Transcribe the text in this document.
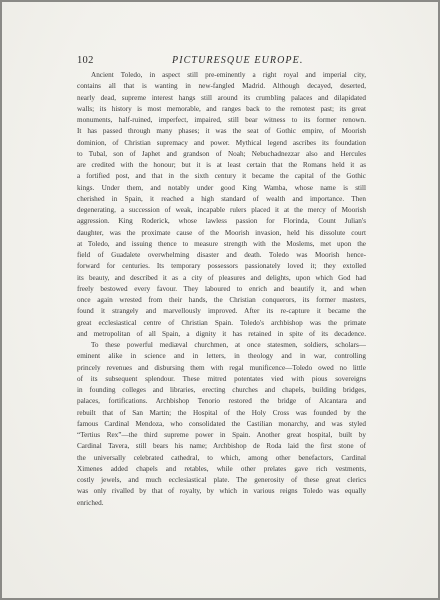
102	PICTURESQUE EUROPE.
Ancient Toledo, in aspect still pre-eminently a right royal and imperial city,
contains all that is wanting in new-fangled Madrid. Although decayed, deserted,
nearly dead, supreme interest hangs still around its crumbling palaces and dilapidated
walls; its history is most memorable, and ranges back to the remotest past; its great
monuments, half-ruined, imperfect, impaired, still bear witness to its former renown.
It has passed through many phases; it was the seat of Gothic empire, of Moorish
dominion, of Christian supremacy and power. Mythical legend ascribes its foundation
to Tubal, son of Japhet and grandson of Noah; Nebuchadnezzar also and Hercules
are credited with the honour; but it is at least certain that the Romans held it as
a fortified post, and that in the sixth century it became the capital of the Gothic
kings. Under them, and notably under good King Wamba, whose name is still
cherished in Spain, it reached a high standard of wealth and importance. Then
degenerating, a succession of weak, incapable rulers placed it at the mercy of Moorish
aggression. King Roderick, whose lawless passion for Florinda, Count Julian's
daughter, was the proximate cause of the Moorish invasion, held his dissolute court
at Toledo, and issuing thence to measure strength with the Moslems, met upon the
field of Guadalete overwhelming disaster and death. Toledo was Moorish hence-
forward for centuries. Its temporary possessors passionately loved it; they extolled
its beauty, and described it as a city of pleasures and delights, upon which God had
freely bestowed every favour. They laboured to enrich and beautify it, and when
once again wrested from their hands, the Christian conquerors, its former masters,
found it strangely and marvellously improved. After its re-capture it became the
great ecclesiastical centre of Christian Spain. Toledo's archbishop was the primate
and metropolitan of all Spain, a dignity it has retained in spite of its decadence.
To these powerful mediæval churchmen, at once statesmen, soldiers, scholars—
eminent alike in science and in letters, in theology and in war, controlling
princely revenues and disbursing them with regal munificence—Toledo owed no little
of its subsequent splendour. These mitred potentates vied with pious sovereigns
in founding colleges and libraries, erecting churches and chapels, building bridges,
palaces, fortifications. Archbishop Tenorio restored the bridge of Alcantara and
rebuilt that of San Martin; the Hospital of the Holy Cross was founded by the
famous Cardinal Mendoza, who consolidated the Castilian monarchy, and was styled
“Tertius Rex”—the third supreme power in Spain. Another great hospital, built by
Cardinal Tavera, still bears his name; Archbishop de Roda laid the first stone of
the universally celebrated cathedral, to which, among other benefactors, Cardinal
Ximenes added chapels and retables, while other prelates gave rich vestments,
costly jewels, and much ecclesiastical plate. The generosity of these great clerics
was only rivalled by that of royalty, by which in various reigns Toledo was equally
enriched.
